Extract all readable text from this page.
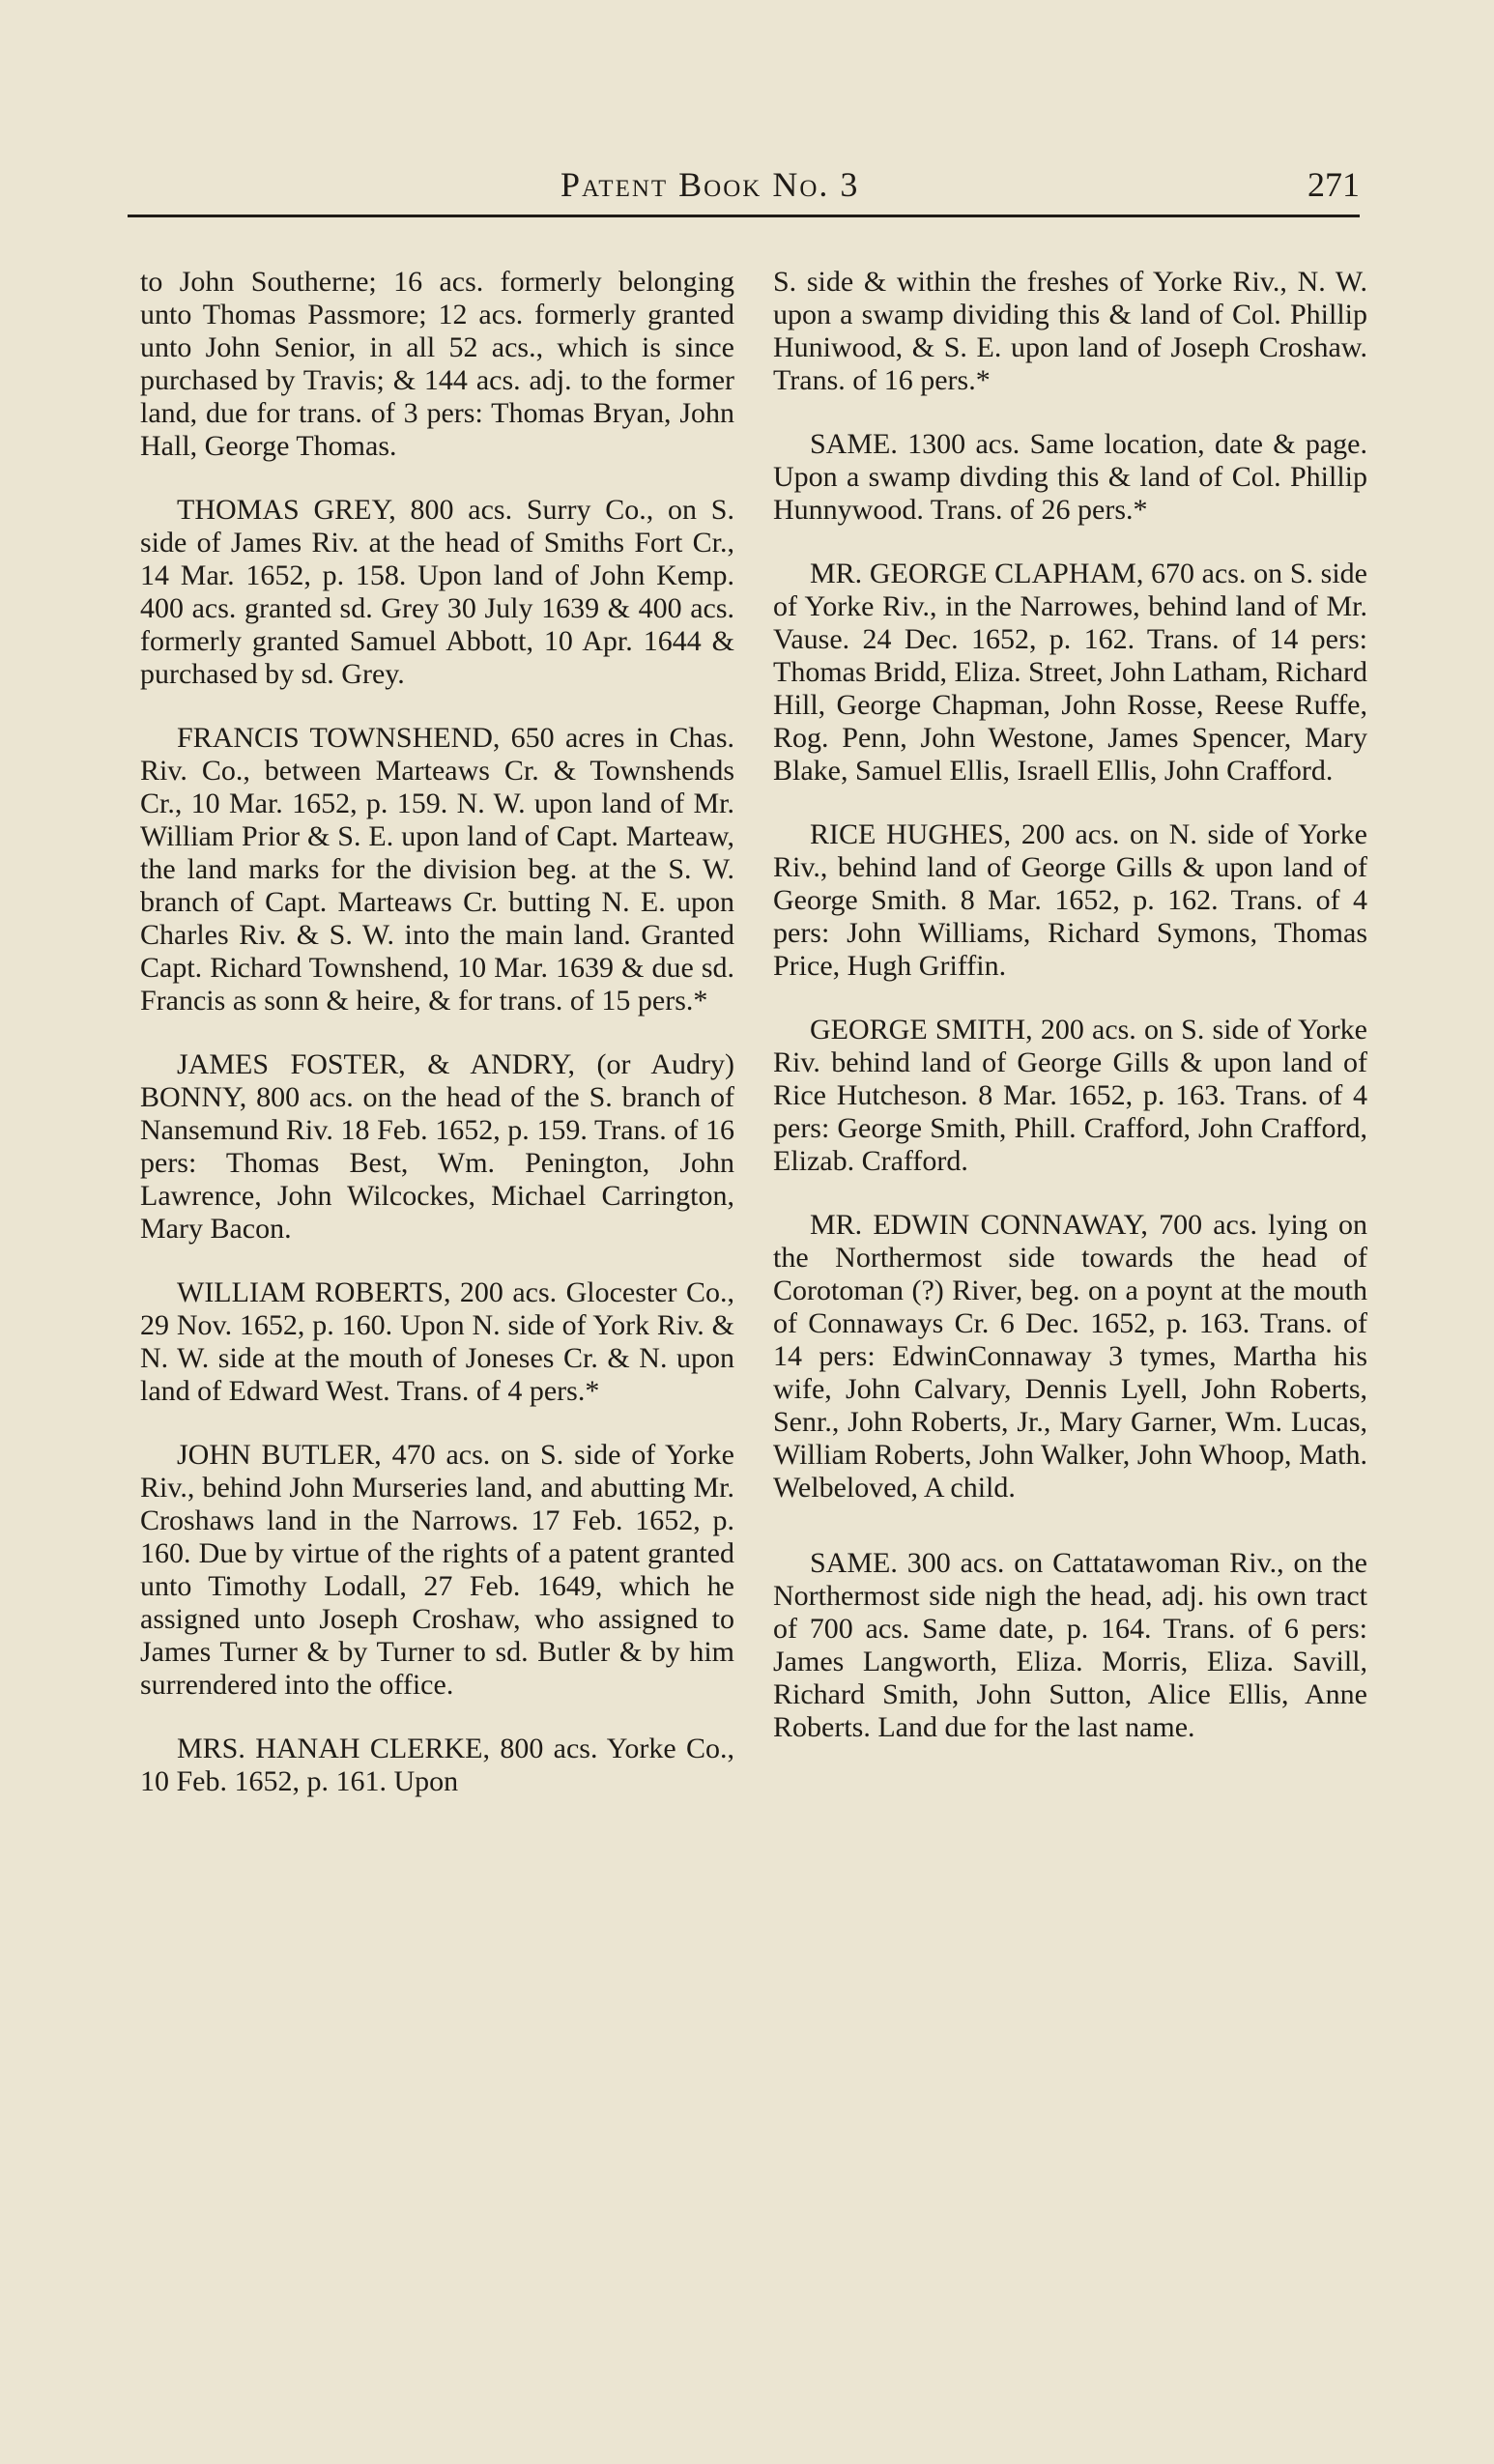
Patent Book No. 3	271

to John Southerne; 16 acs. formerly belonging unto Thomas Passmore; 12 acs. formerly granted unto John Senior, in all 52 acs., which is since purchased by Travis; & 144 acs. adj. to the former land, due for trans. of 3 pers: Thomas Bryan, John Hall, George Thomas.

THOMAS GREY, 800 acs. Surry Co., on S. side of James Riv. at the head of Smiths Fort Cr., 14 Mar. 1652, p. 158. Upon land of John Kemp. 400 acs. granted sd. Grey 30 July 1639 & 400 acs. formerly granted Samuel Abbott, 10 Apr. 1644 & purchased by sd. Grey.

FRANCIS TOWNSHEND, 650 acres in Chas. Riv. Co., between Marteaws Cr. & Townshends Cr., 10 Mar. 1652, p. 159. N. W. upon land of Mr. William Prior & S. E. upon land of Capt. Marteaw, the land marks for the division beg. at the S. W. branch of Capt. Marteaws Cr. butting N. E. upon Charles Riv. & S. W. into the main land. Granted Capt. Richard Townshend, 10 Mar. 1639 & due sd. Francis as sonn & heire, & for trans. of 15 pers.*

JAMES FOSTER, & ANDRY, (or Audry) BONNY, 800 acs. on the head of the S. branch of Nansemund Riv. 18 Feb. 1652, p. 159. Trans. of 16 pers: Thomas Best, Wm. Penington, John Lawrence, John Wilcockes, Michael Carrington, Mary Bacon.

WILLIAM ROBERTS, 200 acs. Glocester Co., 29 Nov. 1652, p. 160. Upon N. side of York Riv. & N. W. side at the mouth of Joneses Cr. & N. upon land of Edward West. Trans. of 4 pers.*

JOHN BUTLER, 470 acs. on S. side of Yorke Riv., behind John Murseries land, and abutting Mr. Croshaws land in the Narrows. 17 Feb. 1652, p. 160. Due by virtue of the rights of a patent granted unto Timothy Lodall, 27 Feb. 1649, which he assigned unto Joseph Croshaw, who assigned to James Turner & by Turner to sd. Butler & by him surrendered into the office.

MRS. HANAH CLERKE, 800 acs. Yorke Co., 10 Feb. 1652, p. 161. Upon

S. side & within the freshes of Yorke Riv., N. W. upon a swamp dividing this & land of Col. Phillip Huniwood, & S. E. upon land of Joseph Croshaw. Trans. of 16 pers.*

SAME. 1300 acs. Same location, date & page. Upon a swamp divding this & land of Col. Phillip Hunnywood. Trans. of 26 pers.*

MR. GEORGE CLAPHAM, 670 acs. on S. side of Yorke Riv., in the Narrowes, behind land of Mr. Vause. 24 Dec. 1652, p. 162. Trans. of 14 pers: Thomas Bridd, Eliza. Street, John Latham, Richard Hill, George Chapman, John Rosse, Reese Ruffe, Rog. Penn, John Westone, James Spencer, Mary Blake, Samuel Ellis, Israell Ellis, John Crafford.

RICE HUGHES, 200 acs. on N. side of Yorke Riv., behind land of George Gills & upon land of George Smith. 8 Mar. 1652, p. 162. Trans. of 4 pers: John Williams, Richard Symons, Thomas Price, Hugh Griffin.

GEORGE SMITH, 200 acs. on S. side of Yorke Riv. behind land of George Gills & upon land of Rice Hutcheson. 8 Mar. 1652, p. 163. Trans. of 4 pers: George Smith, Phill. Crafford, John Crafford, Elizab. Crafford.

MR. EDWIN CONNAWAY, 700 acs. lying on the Northermost side towards the head of Corotoman (?) River, beg. on a poynt at the mouth of Connaways Cr. 6 Dec. 1652, p. 163. Trans. of 14 pers: EdwinConnaway 3 tymes, Martha his wife, John Calvary, Dennis Lyell, John Roberts, Senr., John Roberts, Jr., Mary Garner, Wm. Lucas, William Roberts, John Walker, John Whoop, Math. Welbeloved, A child.

SAME. 300 acs. on Cattatawoman Riv., on the Northermost side nigh the head, adj. his own tract of 700 acs. Same date, p. 164. Trans. of 6 pers: James Langworth, Eliza. Morris, Eliza. Savill, Richard Smith, John Sutton, Alice Ellis, Anne Roberts. Land due for the last name.
